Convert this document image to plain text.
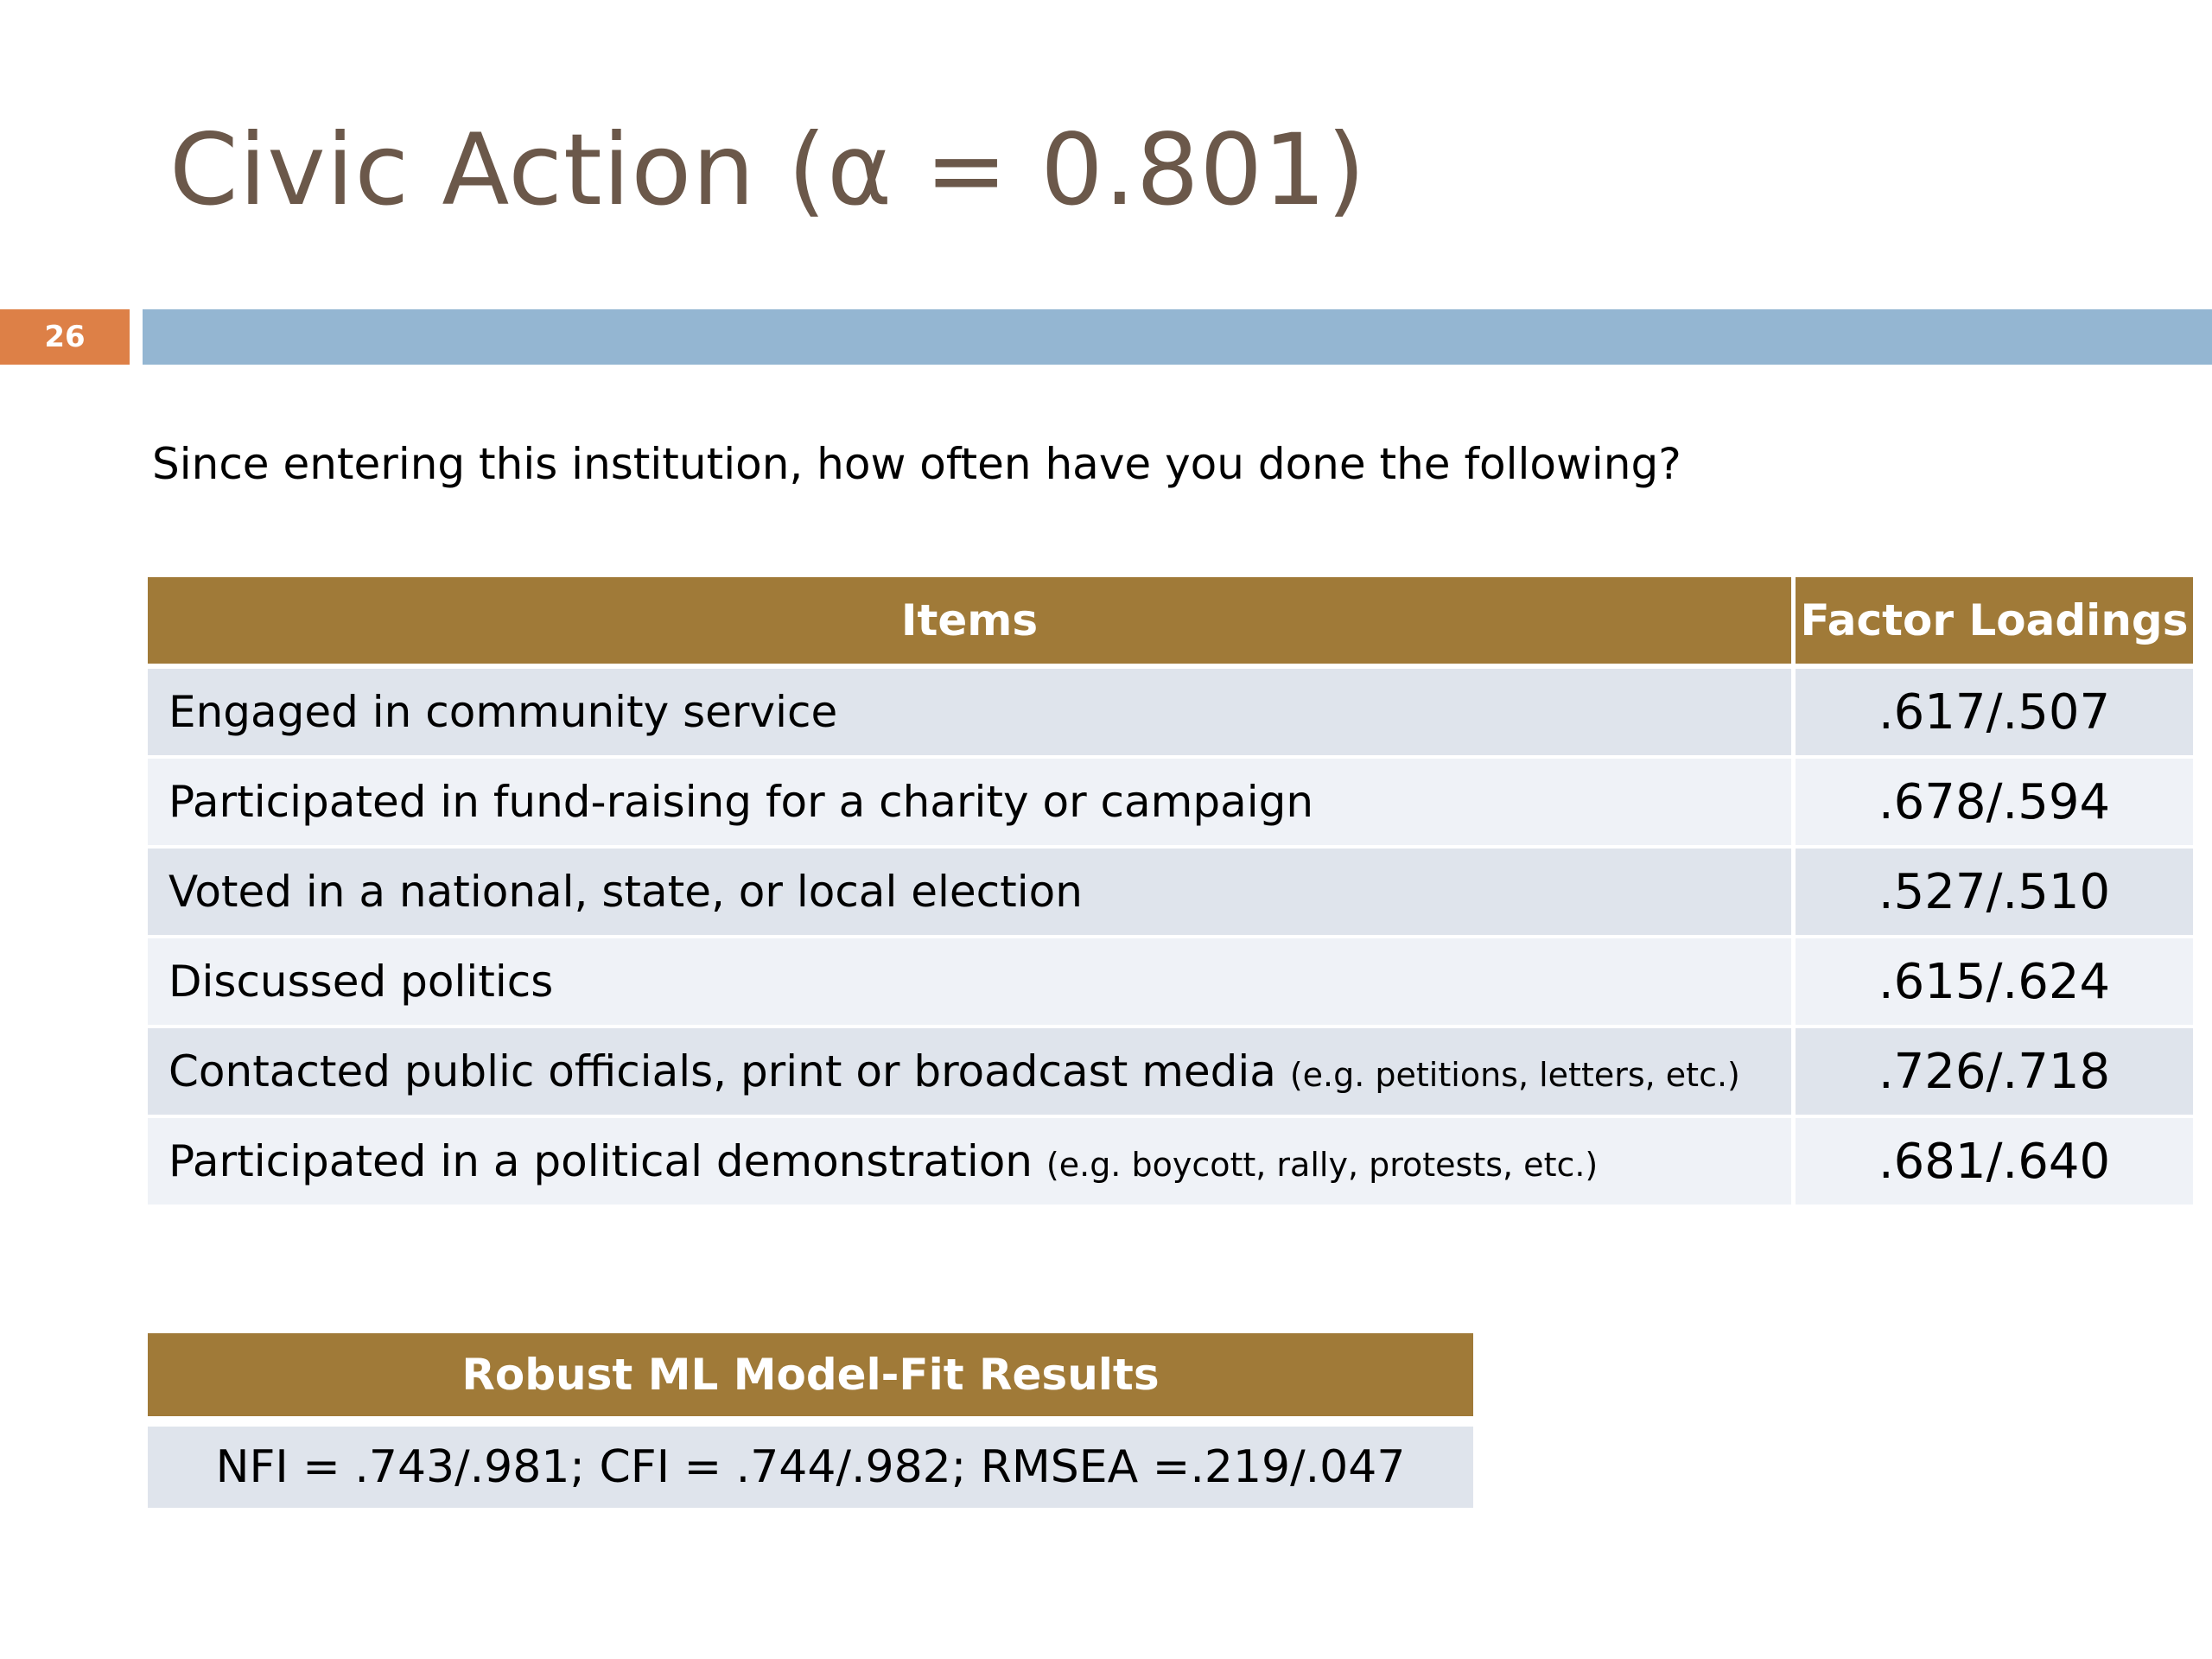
Civic Action (α = 0.801)
26
Since entering this institution, how often have you done the following?
Items	Factor Loadings
Engaged in community service	.617/.507
Participated in fund-raising for a charity or campaign	.678/.594
Voted in a national, state, or local election	.527/.510
Discussed politics	.615/.624
Contacted public officials, print or broadcast media (e.g. petitions, letters, etc.)	.726/.718
Participated in a political demonstration (e.g. boycott, rally, protests, etc.)	.681/.640
Robust ML Model-Fit Results
NFI = .743/.981; CFI = .744/.982; RMSEA =.219/.047
